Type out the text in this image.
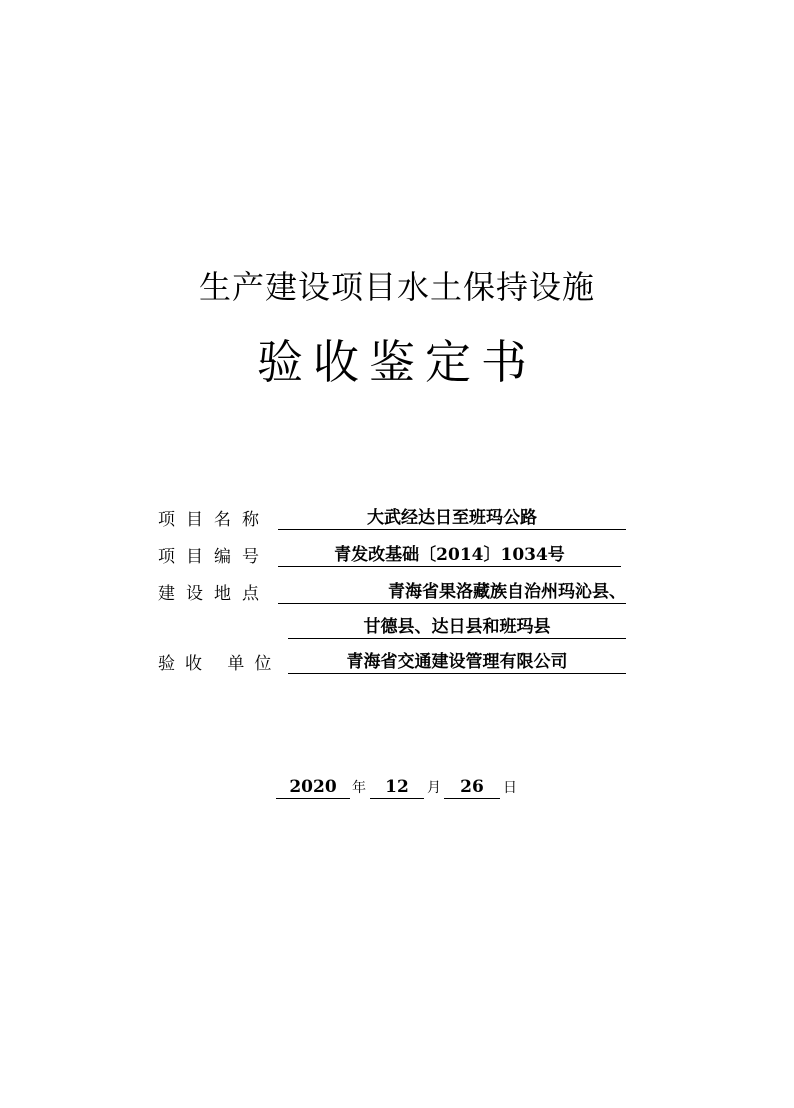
生产建设项目水土保持设施
验收鉴定书
项目名称	大武经达日至班玛公路
项目编号	青发改基础〔2014〕1034号
建设地点	青海省果洛藏族自治州玛沁县、
甘德县、达日县和班玛县
验收 单位	青海省交通建设管理有限公司
2020	年	12	月	26	日
